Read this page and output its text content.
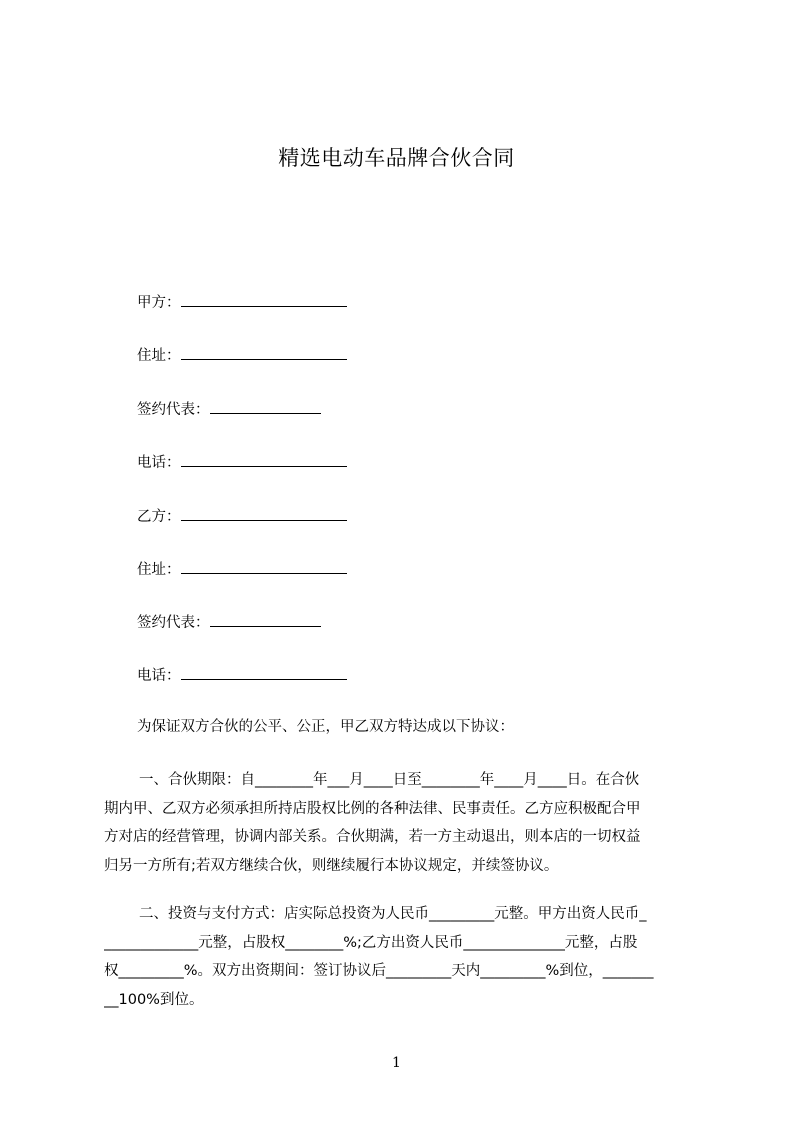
精选电动车品牌合伙合同
甲方：
住址：
签约代表：
电话：
乙方：
住址：
签约代表：
电话：
为保证双方合伙的公平、公正，甲乙双方特达成以下协议：
一、合伙期限：自________年___月____日至________年____月____日。在合伙
期内甲、乙双方必须承担所持店股权比例的各种法律、民事责任。乙方应积极配合甲
方对店的经营管理，协调内部关系。合伙期满，若一方主动退出，则本店的一切权益
归另一方所有;若双方继续合伙，则继续履行本协议规定，并续签协议。
二、投资与支付方式：店实际总投资为人民币_________元整。甲方出资人民币_
_____________元整，占股权________%;乙方出资人民币______________元整，占股
权_________%。双方出资期间：签订协议后_________天内_________%到位，_______
__100%到位。
1
